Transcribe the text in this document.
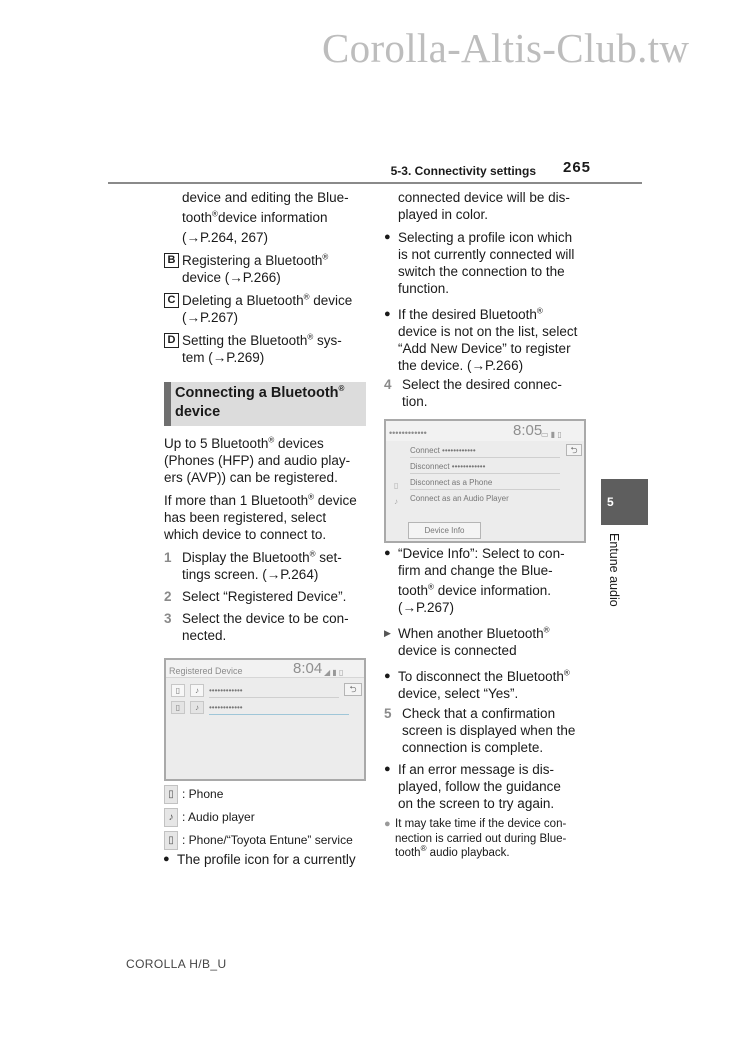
Corolla-Altis-Club.tw
5-3. Connectivity settings 265
device and editing the Blue-
tooth®device information
(→P.264, 267)
B Registering a Bluetooth®
device (→P.266)
C Deleting a Bluetooth® device
(→P.267)
D Setting the Bluetooth® sys-
tem (→P.269)
Connecting a Bluetooth®
device
Up to 5 Bluetooth® devices
(Phones (HFP) and audio play-
ers (AVP)) can be registered.
If more than 1 Bluetooth® device
has been registered, select
which device to connect to.
1 Display the Bluetooth® set-
tings screen. (→P.264)
2 Select “Registered Device”.
3 Select the device to be con-
nected.
Registered Device	8:04 ◢ ▮ ▯
▯	♪	••••••••••••
▯	♪	••••••••••••
⮌
▯ : Phone
♪ : Audio player
▯ : Phone/“Toyota Entune” service
● The profile icon for a currently
connected device will be dis-
played in color.
● Selecting a profile icon which
is not currently connected will
switch the connection to the
function.
● If the desired Bluetooth®
device is not on the list, select
“Add New Device” to register
the device. (→P.266)
4 Select the desired connec-
tion.
••••••••••••	8:05
▭ ▮ ▯
Connect ••••••••••••
Disconnect ••••••••••••
▯ Disconnect as a Phone
♪ Connect as an Audio Player
⮌
Device Info
● “Device Info”: Select to con-
firm and change the Blue-
tooth® device information.
(→P.267)
▶ When another Bluetooth®
device is connected
● To disconnect the Bluetooth®
device, select “Yes”.
5 Check that a confirmation
screen is displayed when the
connection is complete.
● If an error message is dis-
played, follow the guidance
on the screen to try again.
● It may take time if the device con-
nection is carried out during Blue-
tooth® audio playback.
5
Entune audio
COROLLA H/B_U
